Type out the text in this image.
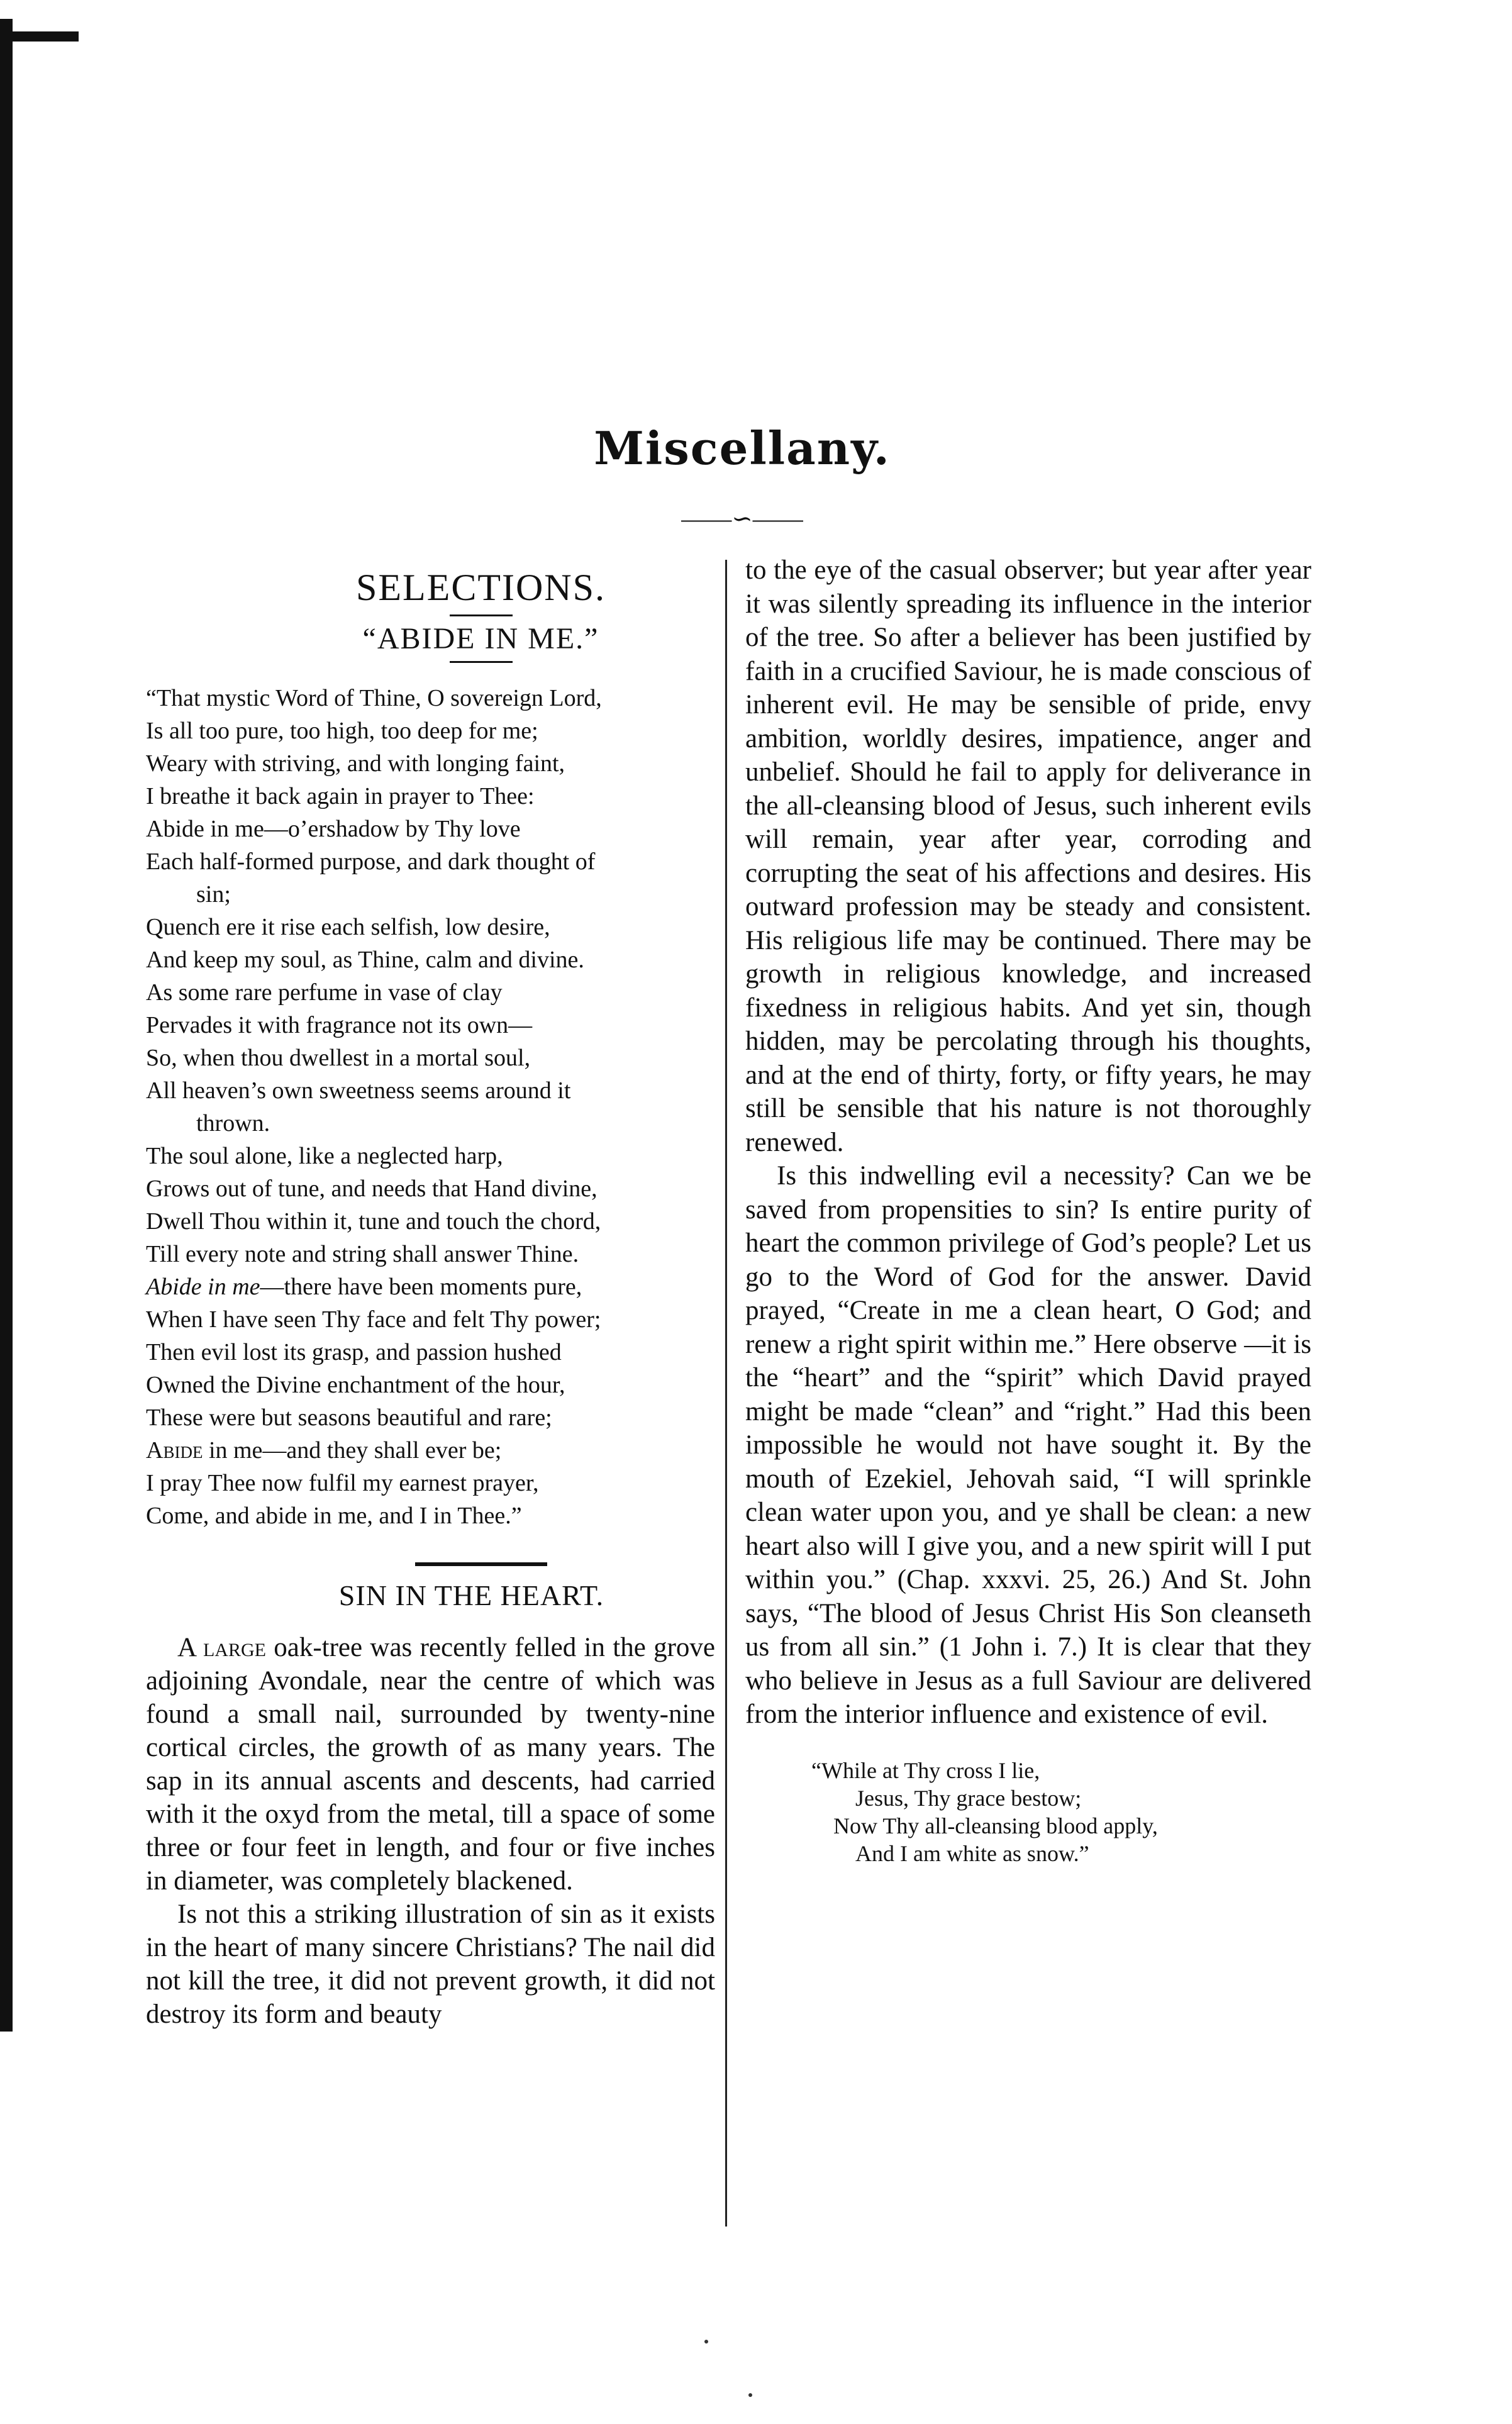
Miscellany.
——∽——
SELECTIONS.
“ABIDE IN ME.”
“That mystic Word of Thine, O sovereign Lord,
Is all too pure, too high, too deep for me;
Weary with striving, and with longing faint,
I breathe it back again in prayer to Thee:
Abide in me—o’ershadow by Thy love
Each half-formed purpose, and dark thought of
sin;
Quench ere it rise each selfish, low desire,
And keep my soul, as Thine, calm and divine.
As some rare perfume in vase of clay
Pervades it with fragrance not its own—
So, when thou dwellest in a mortal soul,
All heaven’s own sweetness seems around it
thrown.
The soul alone, like a neglected harp,
Grows out of tune, and needs that Hand divine,
Dwell Thou within it, tune and touch the chord,
Till every note and string shall answer Thine.
Abide in me—there have been moments pure,
When I have seen Thy face and felt Thy power;
Then evil lost its grasp, and passion hushed
Owned the Divine enchantment of the hour,
These were but seasons beautiful and rare;
Abide in me—and they shall ever be;
I pray Thee now fulfil my earnest prayer,
Come, and abide in me, and I in Thee.”
SIN IN THE HEART.

A large oak-tree was recently felled in the grove adjoining Avondale, near the centre of which was found a small nail, surrounded by twenty-nine cortical circles, the growth of as many years. The sap in its annual ascents and descents, had carried with it the oxyd from the metal, till a space of some three or four feet in length, and four or five inches in diameter, was completely blackened.

Is not this a striking illustration of sin as it exists in the heart of many sincere Christians? The nail did not kill the tree, it did not prevent growth, it did not destroy its form and beauty

to the eye of the casual observer; but year after year it was silently spreading its influence in the interior of the tree. So after a believer has been justified by faith in a crucified Saviour, he is made conscious of inherent evil. He may be sensible of pride, envy ambition, worldly desires, impatience, anger and unbelief. Should he fail to apply for deliverance in the all-cleansing blood of Jesus, such inherent evils will remain, year after year, corroding and corrupting the seat of his affections and desires. His outward profession may be steady and consistent. His religious life may be continued. There may be growth in religious knowledge, and increased fixedness in religious habits. And yet sin, though hidden, may be percolating through his thoughts, and at the end of thirty, forty, or fifty years, he may still be sensible that his nature is not thoroughly renewed.

Is this indwelling evil a necessity? Can we be saved from propensities to sin? Is entire purity of heart the common privilege of God’s people? Let us go to the Word of God for the answer. David prayed, “Create in me a clean heart, O God; and renew a right spirit within me.” Here observe —it is the “heart” and the “spirit” which David prayed might be made “clean” and “right.” Had this been impossible he would not have sought it. By the mouth of Ezekiel, Jehovah said, “I will sprinkle clean water upon you, and ye shall be clean: a new heart also will I give you, and a new spirit will I put within you.” (Chap. xxxvi. 25, 26.) And St. John says, “The blood of Jesus Christ His Son cleanseth us from all sin.” (1 John i. 7.) It is clear that they who believe in Jesus as a full Saviour are delivered from the interior influence and existence of evil.

“While at Thy cross I lie,
Jesus, Thy grace bestow;
Now Thy all-cleansing blood apply,
And I am white as snow.”
